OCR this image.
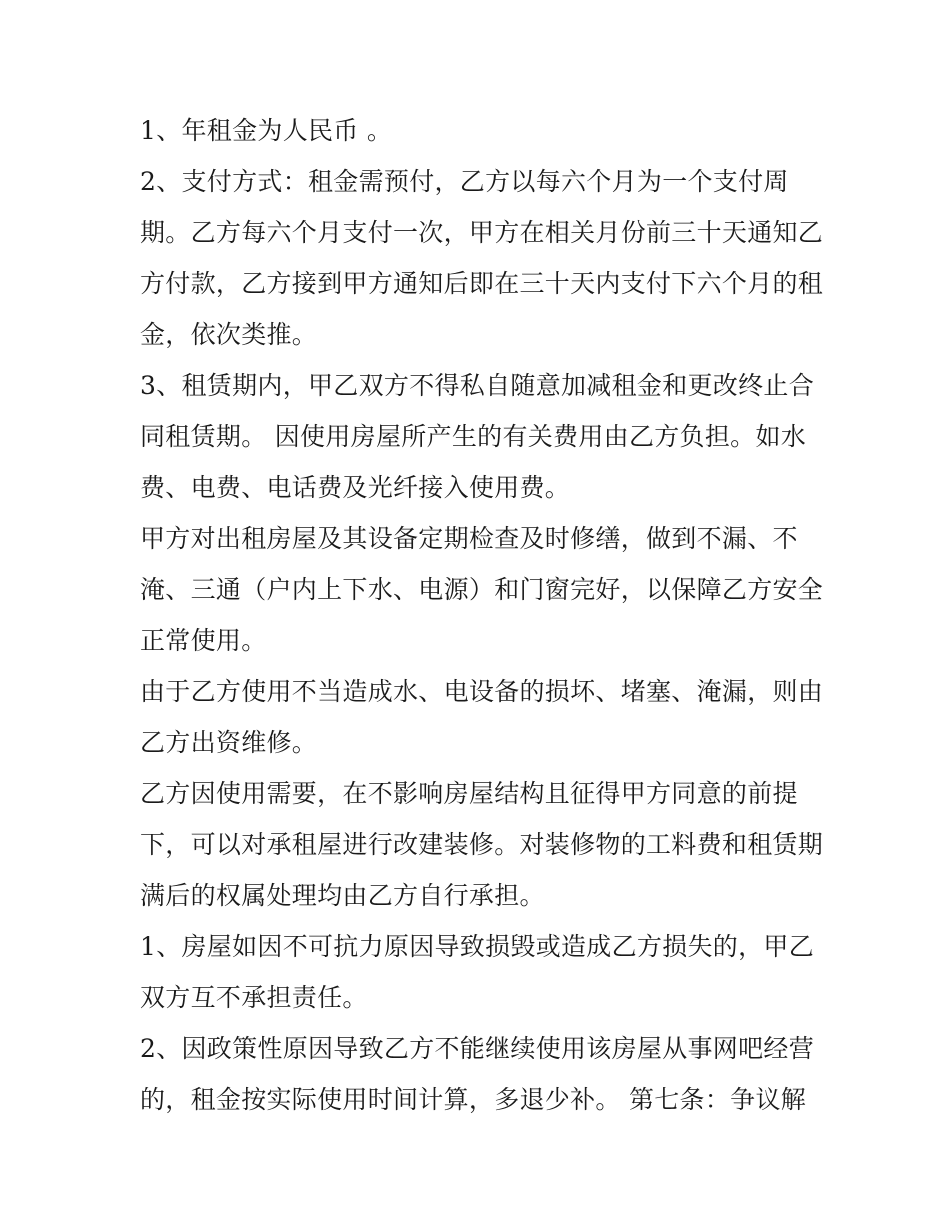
1、年租金为人民币 。
2、支付方式：租金需预付，乙方以每六个月为一个支付周
期。乙方每六个月支付一次，甲方在相关月份前三十天通知乙
方付款，乙方接到甲方通知后即在三十天内支付下六个月的租
金，依次类推。
3、租赁期内，甲乙双方不得私自随意加减租金和更改终止合
同租赁期。 因使用房屋所产生的有关费用由乙方负担。如水
费、电费、电话费及光纤接入使用费。
甲方对出租房屋及其设备定期检查及时修缮，做到不漏、不
淹、三通（户内上下水、电源）和门窗完好，以保障乙方安全
正常使用。
由于乙方使用不当造成水、电设备的损坏、堵塞、淹漏，则由
乙方出资维修。
乙方因使用需要，在不影响房屋结构且征得甲方同意的前提
下，可以对承租屋进行改建装修。对装修物的工料费和租赁期
满后的权属处理均由乙方自行承担。
1、房屋如因不可抗力原因导致损毁或造成乙方损失的，甲乙
双方互不承担责任。
2、因政策性原因导致乙方不能继续使用该房屋从事网吧经营
的，租金按实际使用时间计算，多退少补。 第七条：争议解
